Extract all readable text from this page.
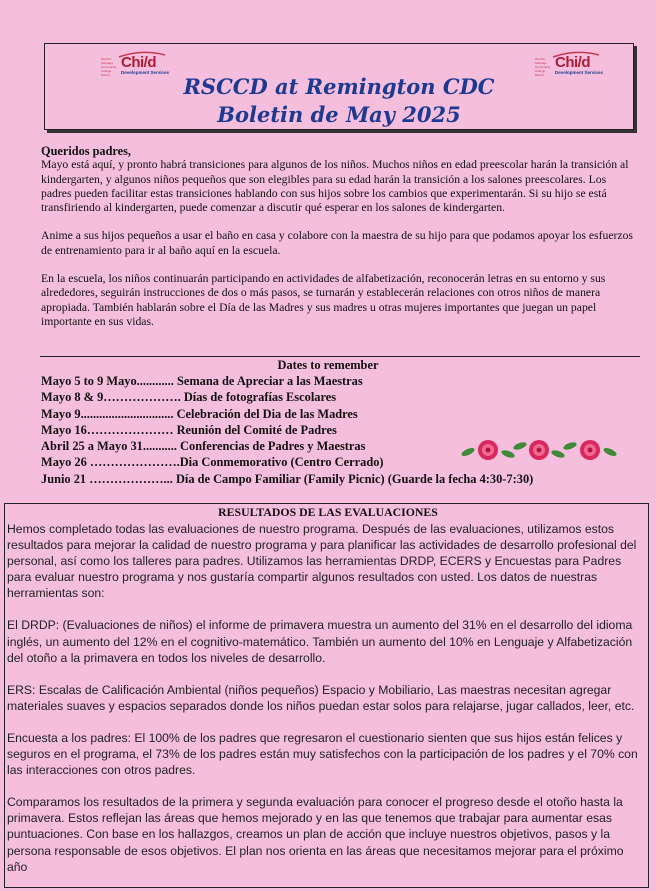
Rancho Santiago Community College District
Chi/d
Development Services
Rancho Santiago Community College District
Chi/d
Development Services
RSCCD at Remington CDC
Boletin de May 2025

Queridos padres,

Mayo está aquí, y pronto habrá transiciones para algunos de los niños. Muchos niños en edad preescolar harán la transición al kindergarten, y algunos niños pequeños que son elegibles para su edad harán la transición a los salones preescolares. Los padres pueden facilitar estas transiciones hablando con sus hijos sobre los cambios que experimentarán. Si su hijo se está transfiriendo al kindergarten, puede comenzar a discutir qué esperar en los salones de kindergarten.

Anime a sus hijos pequeños a usar el baño en casa y colabore con la maestra de su hijo para que podamos apoyar los esfuerzos de entrenamiento para ir al baño aquí en la escuela.

En la escuela, los niños continuarán participando en actividades de alfabetización, reconocerán letras en su entorno y sus alrededores, seguirán instrucciones de dos o más pasos, se turnarán y establecerán relaciones con otros niños de manera apropiada. También hablarán sobre el Día de las Madres y sus madres u otras mujeres importantes que juegan un papel importante en sus vidas.

Dates to remember
Mayo 5 to 9 Mayo............ Semana de Apreciar a las Maestras
Mayo 8 & 9………………. Días de fotografías Escolares
Mayo 9.............................. Celebración del Dia de las Madres
Mayo 16………………… Reunión del Comité de Padres
Abril 25 a Mayo 31........... Conferencias de Padres y Maestras
Mayo 26 ………………….Dia Conmemorativo (Centro Cerrado)
Junio 21 ………………... Día de Campo Familiar (Family Picnic) (Guarde la fecha 4:30-7:30)
RESULTADOS DE LAS EVALUACIONES

Hemos completado todas las evaluaciones de nuestro programa. Después de las evaluaciones, utilizamos estos resultados para mejorar la calidad de nuestro programa y para planificar las actividades de desarrollo profesional del personal, así como los talleres para padres. Utilizamos las herramientas DRDP, ECERS y Encuestas para Padres para evaluar nuestro programa y nos gustaría compartir algunos resultados con usted. Los datos de nuestras herramientas son:

El DRDP: (Evaluaciones de niños) el informe de primavera muestra un aumento del 31% en el desarrollo del idioma inglés, un aumento del 12% en el cognitivo-matemático. También un aumento del 10% en Lenguaje y Alfabetización del otoño a la primavera en todos los niveles de desarrollo.

ERS: Escalas de Calificación Ambiental (niños pequeños) Espacio y Mobiliario, Las maestras necesitan agregar materiales suaves y espacios separados donde los niños puedan estar solos para relajarse, jugar callados, leer, etc.

Encuesta a los padres: El 100% de los padres que regresaron el cuestionario sienten que sus hijos están felices y seguros en el programa, el 73% de los padres están muy satisfechos con la participación de los padres y el 70% con las interacciones con otros padres.

Comparamos los resultados de la primera y segunda evaluación para conocer el progreso desde el otoño hasta la primavera. Estos reflejan las áreas que hemos mejorado y en las que tenemos que trabajar para aumentar esas puntuaciones. Con base en los hallazgos, creamos un plan de acción que incluye nuestros objetivos, pasos y la persona responsable de esos objetivos. El plan nos orienta en las áreas que necesitamos mejorar para el próximo año
